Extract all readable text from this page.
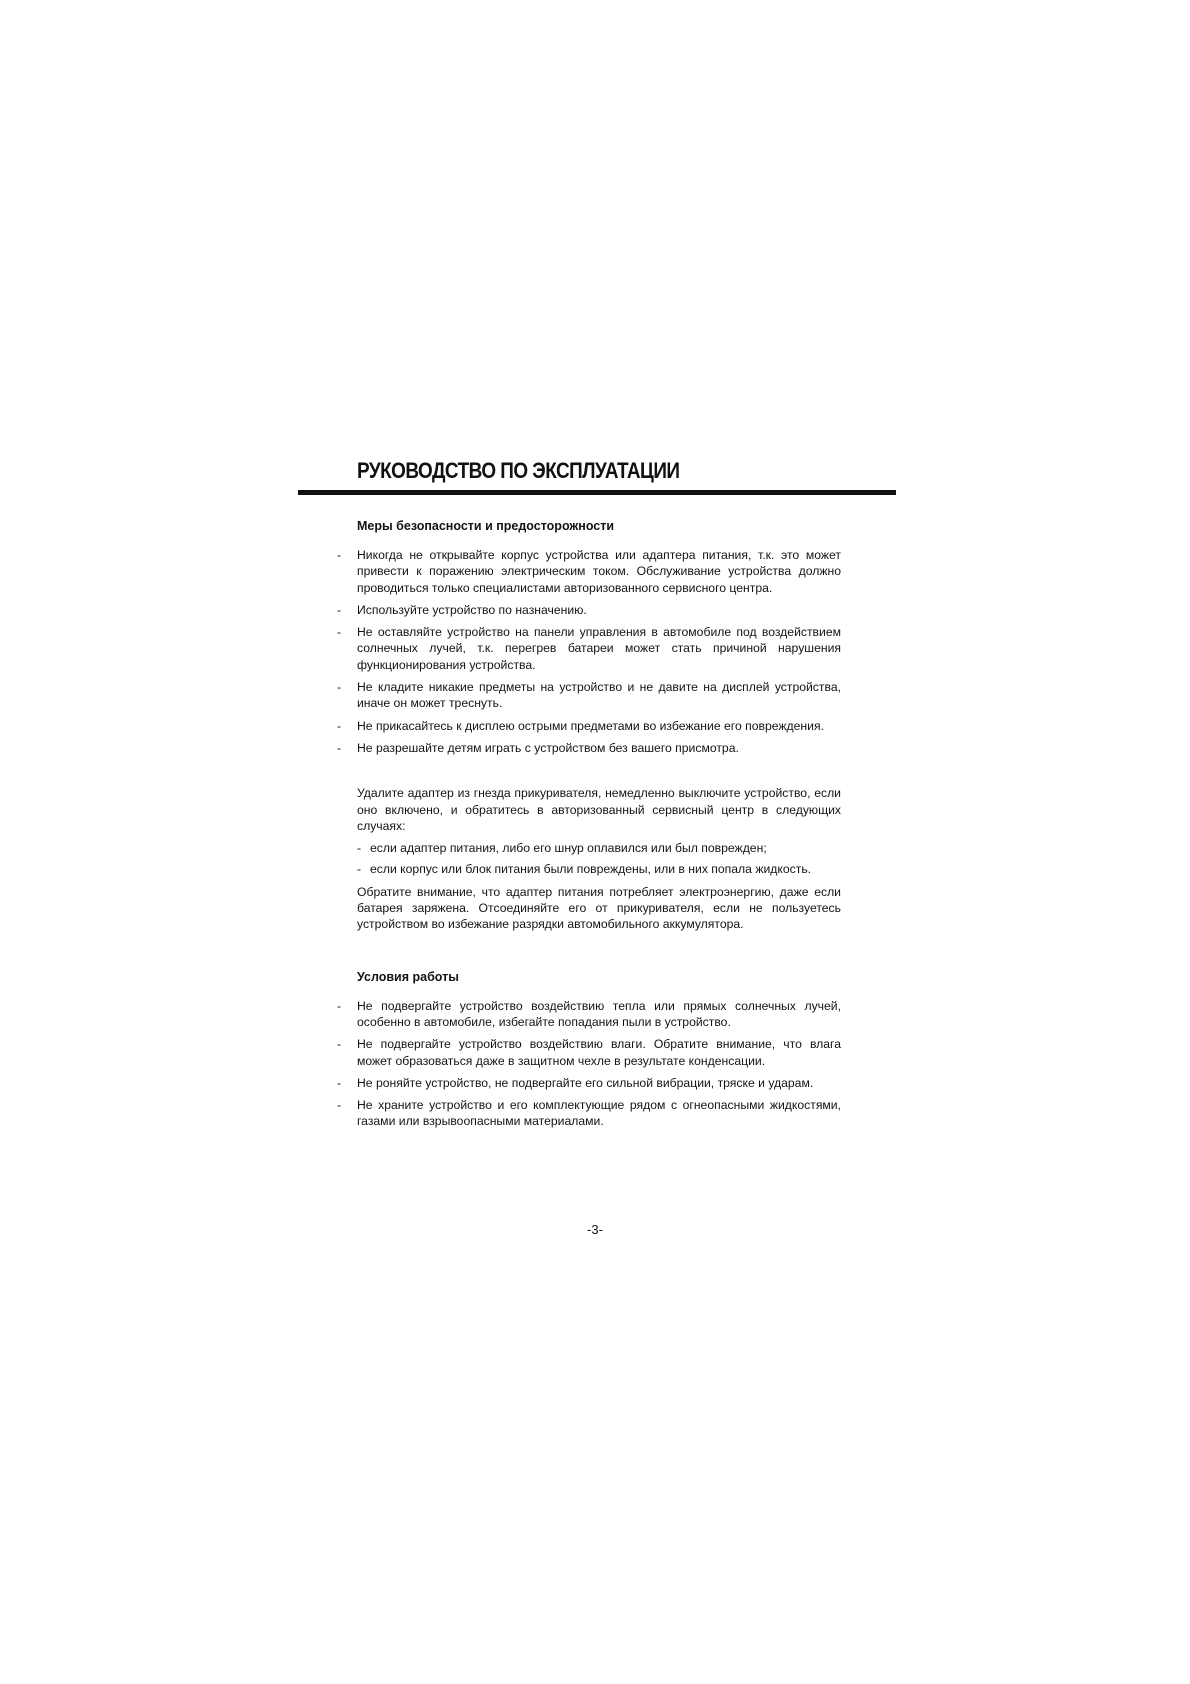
РУКОВОДСТВО ПО ЭКСПЛУАТАЦИИ
Меры безопасности и предосторожности
- Никогда не открывайте корпус устройства или адаптера питания, т.к. это может привести к поражению электрическим током. Обслуживание устройства должно проводиться только специалистами авторизованного сервисного центра.
- Используйте устройство по назначению.
- Не оставляйте устройство на панели управления в автомобиле под воздействием солнечных лучей, т.к. перегрев батареи может стать причиной нарушения функционирования устройства.
- Не кладите никакие предметы на устройство и не давите на дисплей устройства, иначе он может треснуть.
- Не прикасайтесь к дисплею острыми предметами во избежание его повреждения.
- Не разрешайте детям играть с устройством без вашего присмотра.

Удалите адаптер из гнезда прикуривателя, немедленно выключите устройство, если оно включено, и обратитесь в авторизованный сервисный центр в следующих случаях:

- если адаптер питания, либо его шнур оплавился или был поврежден;
- если корпус или блок питания были повреждены, или в них попала жидкость.

Обратите внимание, что адаптер питания потребляет электроэнергию, даже если батарея заряжена. Отсоединяйте его от прикуривателя, если не пользуетесь устройством во избежание разрядки автомобильного аккумулятора.

Условия работы
- Не подвергайте устройство воздействию тепла или прямых солнечных лучей, особенно в автомобиле, избегайте попадания пыли в устройство.
- Не подвергайте устройство воздействию влаги. Обратите внимание, что влага может образоваться даже в защитном чехле в результате конденсации.
- Не роняйте устройство, не подвергайте его сильной вибрации, тряске и ударам.
- Не храните устройство и его комплектующие рядом с огнеопасными жидкостями, газами или взрывоопасными материалами.
-3-
